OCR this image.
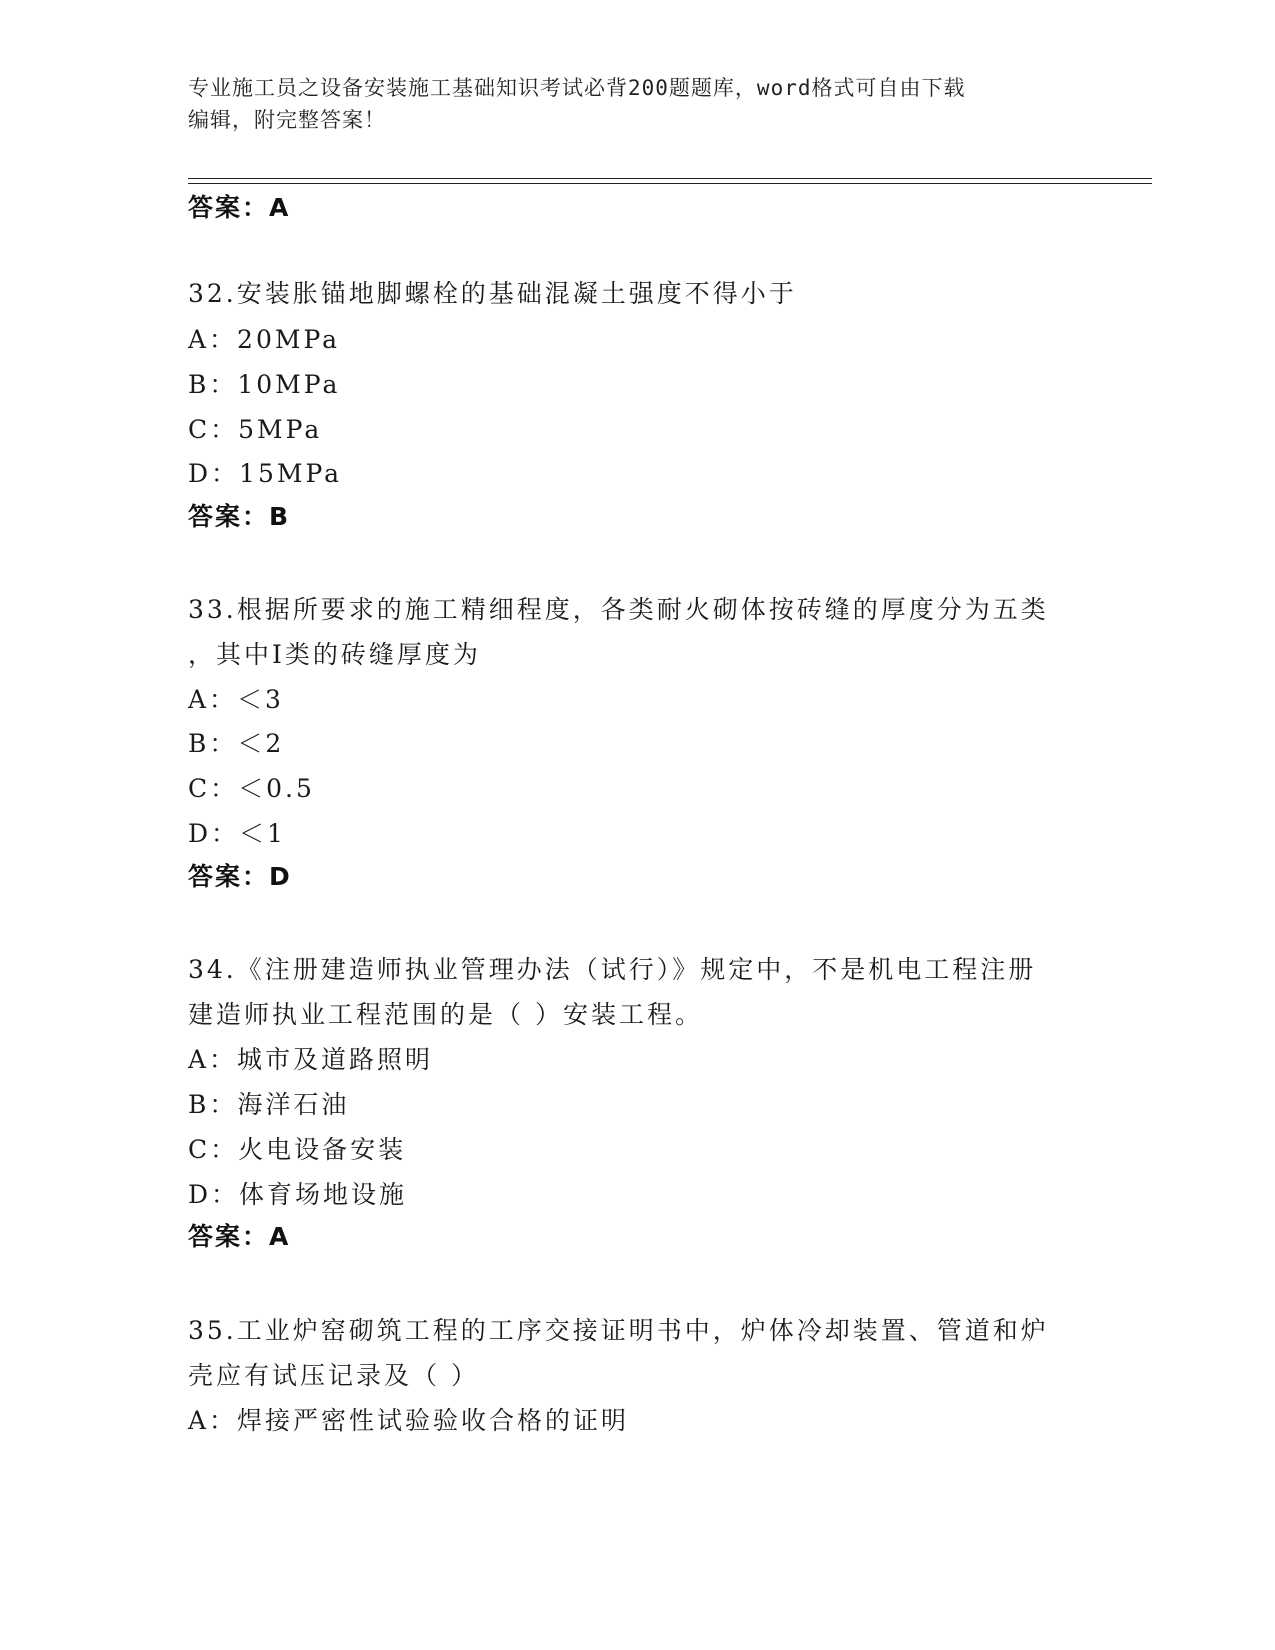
专业施工员之设备安装施工基础知识考试必背200题题库，word格式可自由下载
编辑，附完整答案！
答案：A
32.安装胀锚地脚螺栓的基础混凝土强度不得小于
A：20MPa
B：10MPa
C：5MPa
D：15MPa
答案：B
33.根据所要求的施工精细程度，各类耐火砌体按砖缝的厚度分为五类
，其中Ⅰ类的砖缝厚度为
A：＜3
B：＜2
C：＜0.5
D：＜1
答案：D
34.《注册建造师执业管理办法（试行）》规定中，不是机电工程注册
建造师执业工程范围的是（ ）安装工程。
A：城市及道路照明
B：海洋石油
C：火电设备安装
D：体育场地设施
答案：A
35.工业炉窑砌筑工程的工序交接证明书中，炉体冷却装置、管道和炉
壳应有试压记录及（ ）
A：焊接严密性试验验收合格的证明
